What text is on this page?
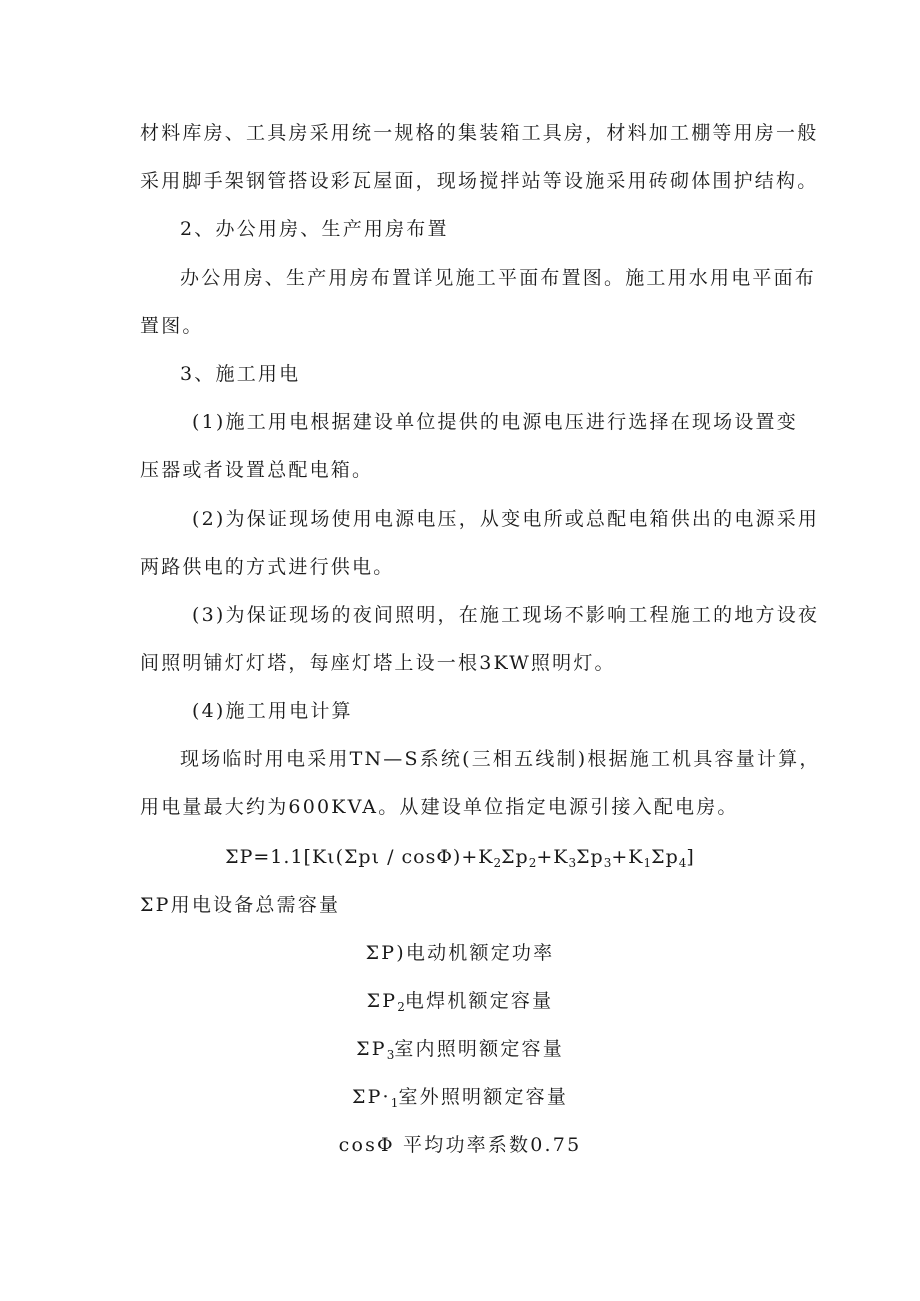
材料库房、工具房采用统一规格的集装箱工具房，材料加工棚等用房一般
采用脚手架钢管搭设彩瓦屋面，现场搅拌站等设施采用砖砌体围护结构。
2、办公用房、生产用房布置
办公用房、生产用房布置详见施工平面布置图。施工用水用电平面布
置图。
3、施工用电
(1)施工用电根据建设单位提供的电源电压进行选择在现场设置变
压器或者设置总配电箱。
(2)为保证现场使用电源电压，从变电所或总配电箱供出的电源采用
两路供电的方式进行供电。
(3)为保证现场的夜间照明，在施工现场不影响工程施工的地方设夜
间照明铺灯灯塔，每座灯塔上设一根3KW照明灯。
(4)施工用电计算
现场临时用电采用TN—S系统(三相五线制)根据施工机具容量计算，
用电量最大约为600KVA。从建设单位指定电源引接入配电房。
$\Sigma P=1.1[K\iota(\Sigma p\iota / \cos\Phi)+K_2\Sigma p_2+K_3\Sigma p_3+K_1\Sigma p_4]$
ΣP用电设备总需容量
ΣP)电动机额定功率
$\Sigma P_2$电焊机额定容量
$\Sigma P_3$室内照明额定容量
$\Sigma P\cdot_1$室外照明额定容量
cosΦ 平均功率系数0.75
